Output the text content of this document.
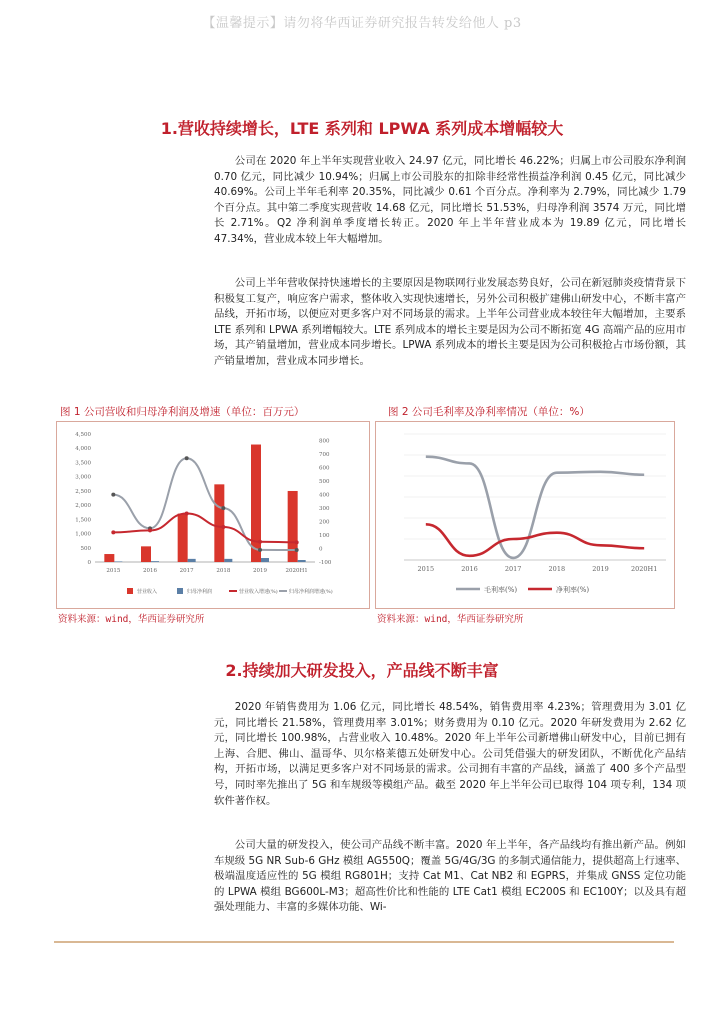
【温馨提示】请勿将华西证券研究报告转发给他人 p3
1.营收持续增长，LTE 系列和 LPWA 系列成本增幅较大

公司在 2020 年上半年实现营业收入 24.97 亿元，同比增长 46.22%；归属上市公司股东净利润 0.70 亿元，同比减少 10.94%；归属上市公司股东的扣除非经常性损益净利润 0.45 亿元，同比减少 40.69%。公司上半年毛利率 20.35%，同比减少 0.61 个百分点。净利率为 2.79%，同比减少 1.79 个百分点。其中第二季度实现营收 14.68 亿元，同比增长 51.53%，归母净利润 3574 万元，同比增长 2.71%。Q2 净利润单季度增长转正。2020 年上半年营业成本为 19.89 亿元，同比增长 47.34%，营业成本较上年大幅增加。

公司上半年营收保持快速增长的主要原因是物联网行业发展态势良好，公司在新冠肺炎疫情背景下积极复工复产，响应客户需求，整体收入实现快速增长，另外公司积极扩建佛山研发中心，不断丰富产品线，开拓市场，以便应对更多客户对不同场景的需求。上半年公司营业成本较往年大幅增加，主要系 LTE 系列和 LPWA 系列增幅较大。LTE 系列成本的增长主要是因为公司不断拓宽 4G 高端产品的应用市场，其产销量增加，营业成本同步增长。LPWA 系列成本的增长主要是因为公司积极抢占市场份额，其产销量增加，营业成本同步增长。

图 1 公司营收和归母净利润及增速（单位：百万元）	图 2 公司毛利率及净利率情况（单位：%）
0
500
1,000
1,500
2,000
2,500
3,000
3,500
4,000
4,500
-100
0
100
200
300
400
500
600
700
800
2015	2016	2017	2018	2019	2020H1
营业收入	归母净利润	营业收入增速(%) 归母净利润增速(%)
2015	2016	2017	2018	2019	2020H1
毛利率(%)	净利率(%)
资料来源：wind，华西证券研究所	资料来源：wind，华西证券研究所
2.持续加大研发投入，产品线不断丰富

2020 年销售费用为 1.06 亿元，同比增长 48.54%，销售费用率 4.23%；管理费用为 3.01 亿元，同比增长 21.58%，管理费用率 3.01%；财务费用为 0.10 亿元。2020 年研发费用为 2.62 亿元，同比增长 100.98%，占营业收入 10.48%。2020 年上半年公司新增佛山研发中心，目前已拥有上海、合肥、佛山、温哥华、贝尔格莱德五处研发中心。公司凭借强大的研发团队，不断优化产品结构，开拓市场，以满足更多客户对不同场景的需求。公司拥有丰富的产品线，涵盖了 400 多个产品型号，同时率先推出了 5G 和车规级等模组产品。截至 2020 年上半年公司已取得 104 项专利，134 项软件著作权。

公司大量的研发投入，使公司产品线不断丰富。2020 年上半年，各产品线均有推出新产品。例如车规级 5G NR Sub-6 GHz 模组 AG550Q；覆盖 5G/4G/3G 的多制式通信能力，提供超高上行速率、极端温度适应性的 5G 模组 RG801H；支持 Cat M1、Cat NB2 和 EGPRS，并集成 GNSS 定位功能的 LPWA 模组 BG600L-M3；超高性价比和性能的 LTE Cat1 模组 EC200S 和 EC100Y；以及具有超强处理能力、丰富的多媒体功能、Wi-
